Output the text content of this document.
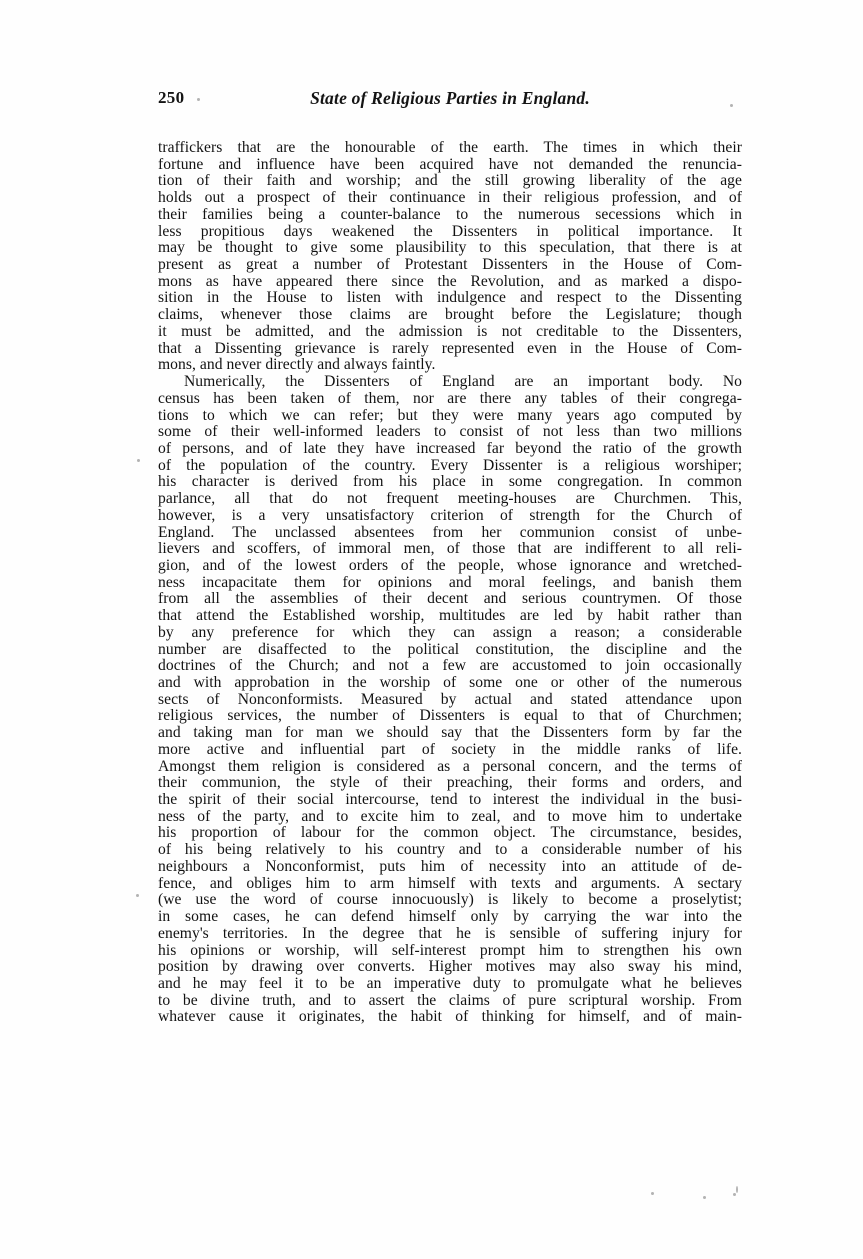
250	State of Religious Parties in England.
traffickers that are the honourable of the earth. The times in which their
fortune and influence have been acquired have not demanded the renuncia-
tion of their faith and worship; and the still growing liberality of the age
holds out a prospect of their continuance in their religious profession, and of
their families being a counter-balance to the numerous secessions which in
less propitious days weakened the Dissenters in political importance. It
may be thought to give some plausibility to this speculation, that there is at
present as great a number of Protestant Dissenters in the House of Com-
mons as have appeared there since the Revolution, and as marked a dispo-
sition in the House to listen with indulgence and respect to the Dissenting
claims, whenever those claims are brought before the Legislature; though
it must be admitted, and the admission is not creditable to the Dissenters,
that a Dissenting grievance is rarely represented even in the House of Com-
mons, and never directly and always faintly.
Numerically, the Dissenters of England are an important body. No
census has been taken of them, nor are there any tables of their congrega-
tions to which we can refer; but they were many years ago computed by
some of their well-informed leaders to consist of not less than two millions
of persons, and of late they have increased far beyond the ratio of the growth
of the population of the country. Every Dissenter is a religious worshiper;
his character is derived from his place in some congregation. In common
parlance, all that do not frequent meeting-houses are Churchmen. This,
however, is a very unsatisfactory criterion of strength for the Church of
England. The unclassed absentees from her communion consist of unbe-
lievers and scoffers, of immoral men, of those that are indifferent to all reli-
gion, and of the lowest orders of the people, whose ignorance and wretched-
ness incapacitate them for opinions and moral feelings, and banish them
from all the assemblies of their decent and serious countrymen. Of those
that attend the Established worship, multitudes are led by habit rather than
by any preference for which they can assign a reason; a considerable
number are disaffected to the political constitution, the discipline and the
doctrines of the Church; and not a few are accustomed to join occasionally
and with approbation in the worship of some one or other of the numerous
sects of Nonconformists. Measured by actual and stated attendance upon
religious services, the number of Dissenters is equal to that of Churchmen;
and taking man for man we should say that the Dissenters form by far the
more active and influential part of society in the middle ranks of life.
Amongst them religion is considered as a personal concern, and the terms of
their communion, the style of their preaching, their forms and orders, and
the spirit of their social intercourse, tend to interest the individual in the busi-
ness of the party, and to excite him to zeal, and to move him to undertake
his proportion of labour for the common object. The circumstance, besides,
of his being relatively to his country and to a considerable number of his
neighbours a Nonconformist, puts him of necessity into an attitude of de-
fence, and obliges him to arm himself with texts and arguments. A sectary
(we use the word of course innocuously) is likely to become a proselytist;
in some cases, he can defend himself only by carrying the war into the
enemy's territories. In the degree that he is sensible of suffering injury for
his opinions or worship, will self-interest prompt him to strengthen his own
position by drawing over converts. Higher motives may also sway his mind,
and he may feel it to be an imperative duty to promulgate what he believes
to be divine truth, and to assert the claims of pure scriptural worship. From
whatever cause it originates, the habit of thinking for himself, and of main-
